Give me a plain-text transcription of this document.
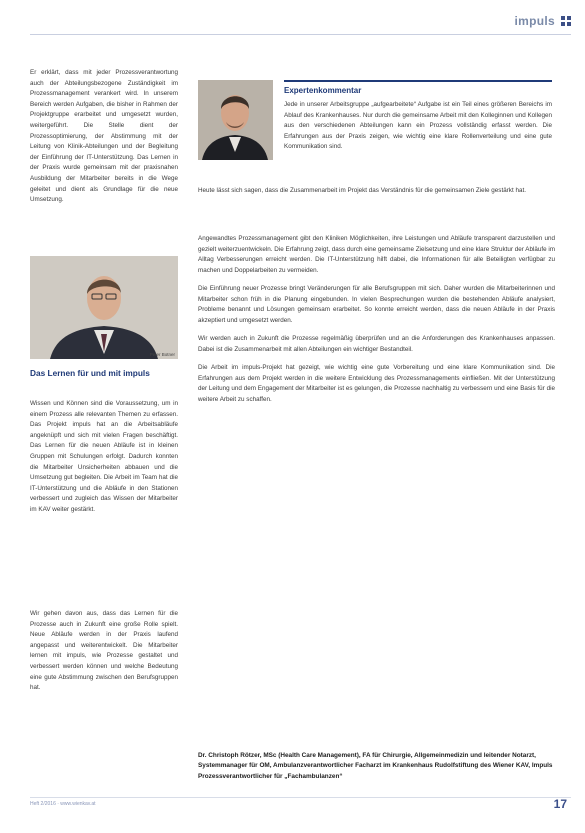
impuls

Er erklärt, dass mit jeder Prozessverantwortung auch der Abteilungsbezogene Zuständigkeit im Prozessmanagement verankert wird. In unserem Bereich werden Aufgaben, die bisher in Rahmen der Projektgruppe erarbeitet und umgesetzt wurden, weitergeführt. Die Stelle dient der Prozessoptimierung, der Abstimmung mit der Leitung von Klinik-Abteilungen und der Begleitung der Einführung der IT-Unterstützung. Das Lernen in der Praxis wurde gemeinsam mit der praxisnahen Ausbildung der Mitarbeiter bereits in die Wege geleitet und dient als Grundlage für die neue Umsetzung.

Peter Botner
Das Lernen für und mit impuls

Wissen und Können sind die Voraussetzung, um in einem Prozess alle relevanten Themen zu erfassen. Das Projekt impuls hat an die Arbeitsabläufe angeknüpft und sich mit vielen Fragen beschäftigt. Das Lernen für die neuen Abläufe ist in kleinen Gruppen mit Schulungen erfolgt. Dadurch konnten die Mitarbeiter Unsicherheiten abbauen und die Umsetzung gut begleiten. Die Arbeit im Team hat die IT-Unterstützung und die Abläufe in den Stationen verbessert und zugleich das Wissen der Mitarbeiter im KAV weiter gestärkt.

Wir gehen davon aus, dass das Lernen für die Prozesse auch in Zukunft eine große Rolle spielt. Neue Abläufe werden in der Praxis laufend angepasst und weiterentwickelt. Die Mitarbeiter lernen mit impuls, wie Prozesse gestaltet und verbessert werden können und welche Bedeutung eine gute Abstimmung zwischen den Berufsgruppen hat.

Expertenkommentar

Jede in unserer Arbeitsgruppe „aufgearbeitete“ Aufgabe ist ein Teil eines größeren Bereichs im Ablauf des Krankenhauses. Nur durch die gemeinsame Arbeit mit den Kolleginnen und Kollegen aus den verschiedenen Abteilungen kann ein Prozess vollständig erfasst werden. Die Erfahrungen aus der Praxis zeigen, wie wichtig eine klare Rollenverteilung und eine gute Kommunikation sind.

Heute lässt sich sagen, dass die Zusammenarbeit im Projekt das Verständnis für die gemeinsamen Ziele gestärkt hat.

Angewandtes Prozessmanagement gibt den Kliniken Möglichkeiten, ihre Leistungen und Abläufe transparent darzustellen und gezielt weiterzuentwickeln. Die Erfahrung zeigt, dass durch eine gemeinsame Zielsetzung und eine klare Struktur der Abläufe im Alltag Verbesserungen erreicht werden. Die IT-Unterstützung hilft dabei, die Informationen für alle Beteiligten verfügbar zu machen und Doppelarbeiten zu vermeiden.

Die Einführung neuer Prozesse bringt Veränderungen für alle Berufsgruppen mit sich. Daher wurden die Mitarbeiterinnen und Mitarbeiter schon früh in die Planung eingebunden. In vielen Besprechungen wurden die bestehenden Abläufe analysiert, Probleme benannt und Lösungen gemeinsam erarbeitet. So konnte erreicht werden, dass die neuen Abläufe in der Praxis akzeptiert und umgesetzt werden.

Wir werden auch in Zukunft die Prozesse regelmäßig überprüfen und an die Anforderungen des Krankenhauses anpassen. Dabei ist die Zusammenarbeit mit allen Abteilungen ein wichtiger Bestandteil.

Die Arbeit im impuls-Projekt hat gezeigt, wie wichtig eine gute Vorbereitung und eine klare Kommunikation sind. Die Erfahrungen aus dem Projekt werden in die weitere Entwicklung des Prozessmanagements einfließen. Mit der Unterstützung der Leitung und dem Engagement der Mitarbeiter ist es gelungen, die Prozesse nachhaltig zu verbessern und eine Basis für die weitere Arbeit zu schaffen.

Dr. Christoph Rötzer, MSc (Health Care Management), FA für Chirurgie, Allgemeinmedizin und leitender Notarzt, Systemmanager für OM, Ambulanzverantwortlicher Facharzt im Krankenhaus Rudolfstiftung des Wiener KAV, Impuls Prozessverantwortlicher für „Fachambulanzen“
Heft 2/2016 · www.wienkav.at	17
